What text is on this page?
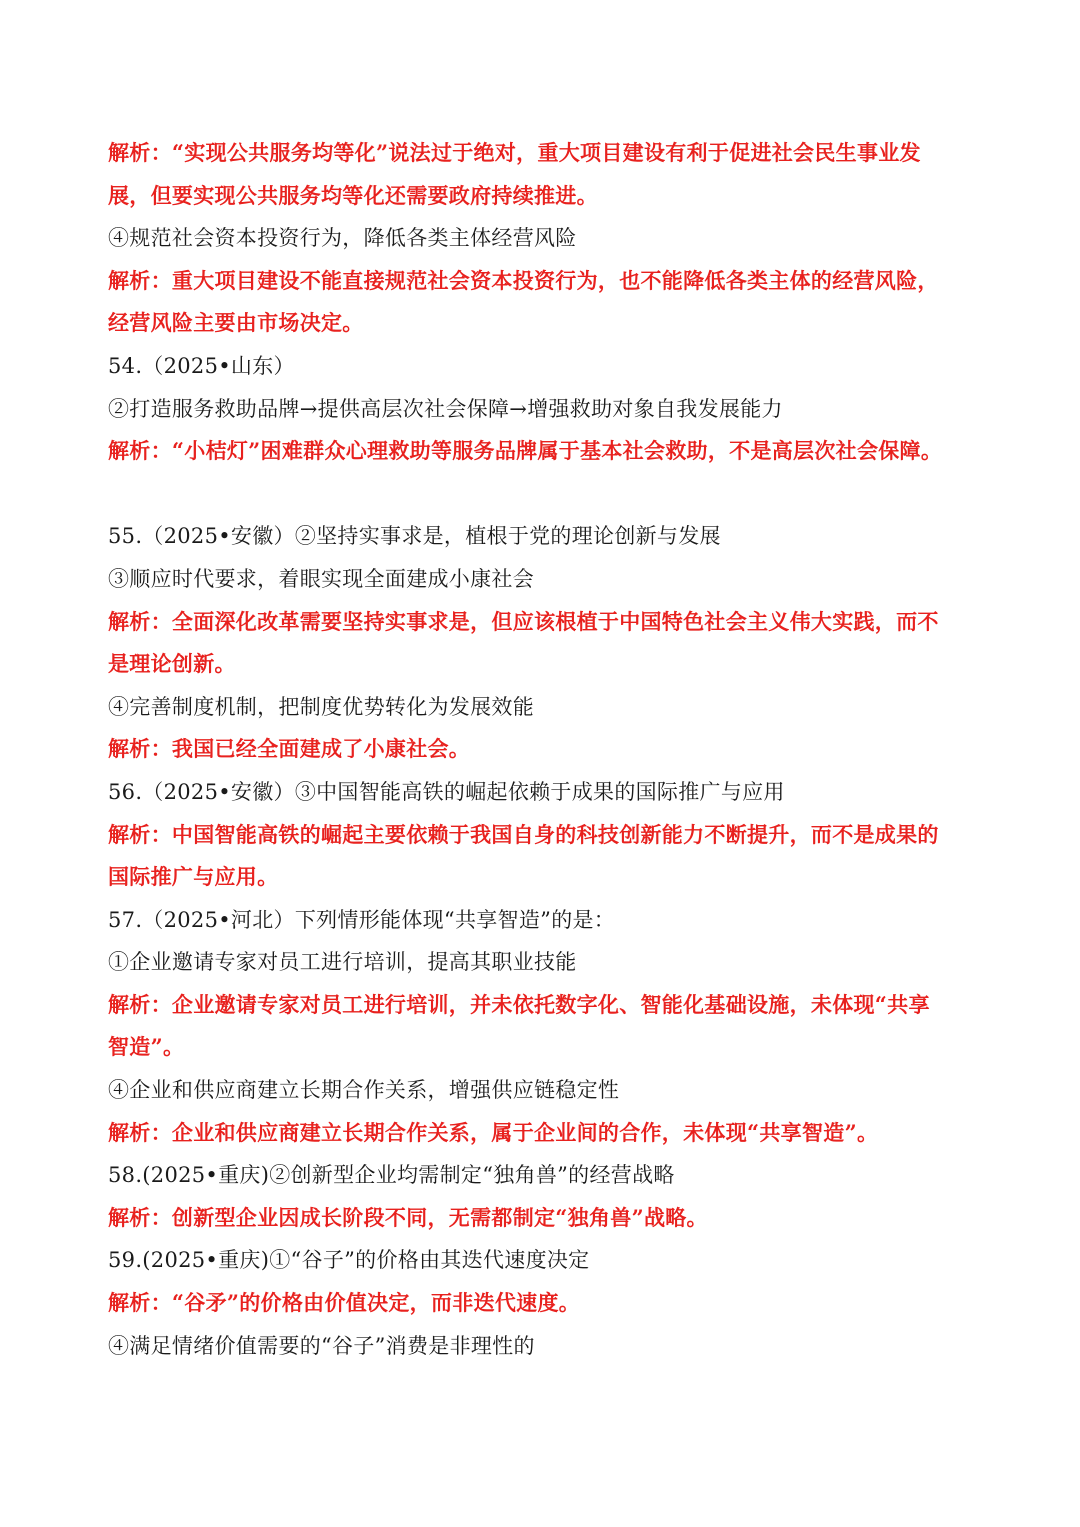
解析：“实现公共服务均等化”说法过于绝对，重大项目建设有利于促进社会民生事业发
展，但要实现公共服务均等化还需要政府持续推进。
④规范社会资本投资行为，降低各类主体经营风险
解析：重大项目建设不能直接规范社会资本投资行为，也不能降低各类主体的经营风险，
经营风险主要由市场决定。
54.（2025•山东）
②打造服务救助品牌→提供高层次社会保障→增强救助对象自我发展能力
解析：“小桔灯”困难群众心理救助等服务品牌属于基本社会救助，不是高层次社会保障。
55.（2025•安徽）②坚持实事求是，植根于党的理论创新与发展
③顺应时代要求，着眼实现全面建成小康社会
解析：全面深化改革需要坚持实事求是，但应该根植于中国特色社会主义伟大实践，而不
是理论创新。
④完善制度机制，把制度优势转化为发展效能
解析：我国已经全面建成了小康社会。
56.（2025•安徽）③中国智能高铁的崛起依赖于成果的国际推广与应用
解析：中国智能高铁的崛起主要依赖于我国自身的科技创新能力不断提升，而不是成果的
国际推广与应用。
57.（2025•河北）下列情形能体现“共享智造”的是：
①企业邀请专家对员工进行培训，提高其职业技能
解析：企业邀请专家对员工进行培训，并未依托数字化、智能化基础设施，未体现“共享
智造”。
④企业和供应商建立长期合作关系，增强供应链稳定性
解析：企业和供应商建立长期合作关系，属于企业间的合作，未体现“共享智造”。
58.(2025•重庆)②创新型企业均需制定“独角兽”的经营战略
解析：创新型企业因成长阶段不同，无需都制定“独角兽”战略。
59.(2025•重庆)①“谷子”的价格由其迭代速度决定
解析：“谷矛”的价格由价值决定，而非迭代速度。
④满足情绪价值需要的“谷子”消费是非理性的
